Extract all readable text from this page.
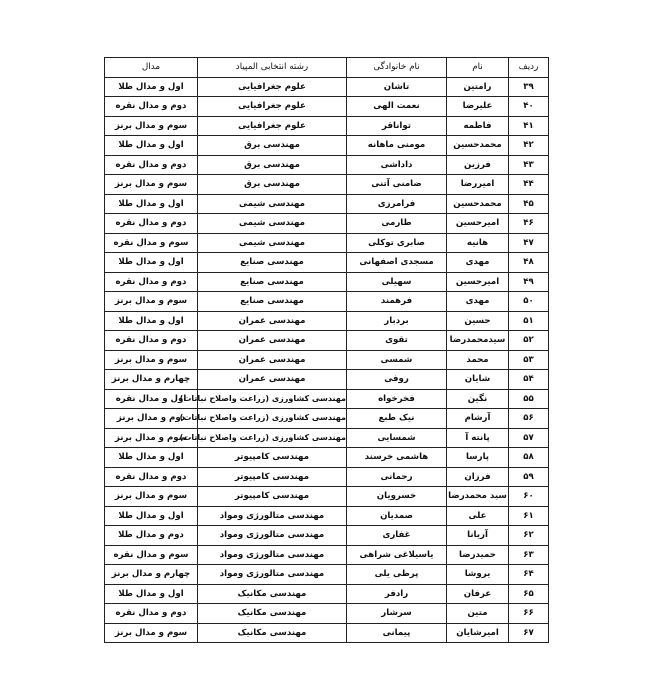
ردیف	نام	نام خانوادگی	رشته انتخابی المپیاد	مدال
۳۹	رامتین	تاشان	علوم جغرافیایی	اول و مدال طلا
۴۰	علیرضا	نعمت الهی	علوم جغرافیایی	دوم و مدال نقره
۴۱	فاطمه	تواناقر	علوم جغرافیایی	سوم و مدال برنز
۴۲	محمدحسین	مومنی ماهانه	مهندسی برق	اول و مدال طلا
۴۳	فرزین	داداشی	مهندسی برق	دوم و مدال نقره
۴۴	امیررضا	ضامنی آتنی	مهندسی برق	سوم و مدال برنز
۴۵	محمدحسین	فرامرزی	مهندسی شیمی	اول و مدال طلا
۴۶	امیرحسین	طارمی	مهندسی شیمی	دوم و مدال نقره
۴۷	هانیه	صابری توکلی	مهندسی شیمی	سوم و مدال نقره
۴۸	مهدی	مسجدی اصفهانی	مهندسی صنایع	اول و مدال طلا
۴۹	امیرحسین	سهیلی	مهندسی صنایع	دوم و مدال نقره
۵۰	مهدی	فرهمند	مهندسی صنایع	سوم و مدال برنز
۵۱	حسین	بردبار	مهندسی عمران	اول و مدال طلا
۵۲	سیدمحمدرضا	تقوی	مهندسی عمران	دوم و مدال نقره
۵۳	محمد	شمسی	مهندسی عمران	سوم و مدال برنز
۵۴	شایان	روفی	مهندسی عمران	چهارم و مدال برنز
۵۵	نگین	فخرخواه	مهندسی کشاورزی (زراعت واصلاح نباتات)	اول و مدال نقره
۵۶	آرشام	نیک طبع	مهندسی کشاورزی (زراعت واصلاح نباتات)	دوم و مدال برنز
۵۷	پانته آ	شمسایی	مهندسی کشاورزی (زراعت واصلاح نباتات)	سوم و مدال برنز
۵۸	پارسا	هاشمی خرسند	مهندسی کامپیوتر	اول و مدال طلا
۵۹	فرزان	رحمانی	مهندسی کامپیوتر	دوم و مدال نقره
۶۰	سید محمدرضا	خسرویان	مهندسی کامپیوتر	سوم و مدال برنز
۶۱	علی	صمدیان	مهندسی متالورژی ومواد	اول و مدال طلا
۶۲	آریانا	غفاری	مهندسی متالورژی ومواد	دوم و مدال طلا
۶۳	حمیدرضا	یاسیلاغی شراهی	مهندسی متالورژی ومواد	سوم و مدال نقره
۶۴	یروشا	پرطی یلی	مهندسی متالورژی ومواد	چهارم و مدال برنز
۶۵	عرفان	رادفر	مهندسی مکانیک	اول و مدال طلا
۶۶	متین	سرشار	مهندسی مکانیک	دوم و مدال نقره
۶۷	امیرشایان	پیمانی	مهندسی مکانیک	سوم و مدال برنز
